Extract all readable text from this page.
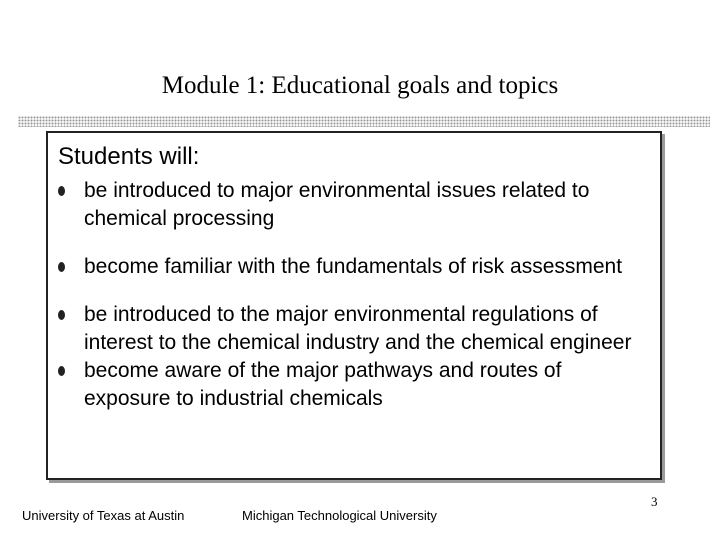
Module 1: Educational goals and topics
Students will:
be introduced to major environmental issues related to chemical processing
become familiar with the fundamentals of risk assessment
be introduced to the major environmental regulations of interest to the chemical industry and the chemical engineer
become aware of the major pathways and routes of exposure to industrial chemicals
University of Texas at Austin	Michigan Technological University
3
